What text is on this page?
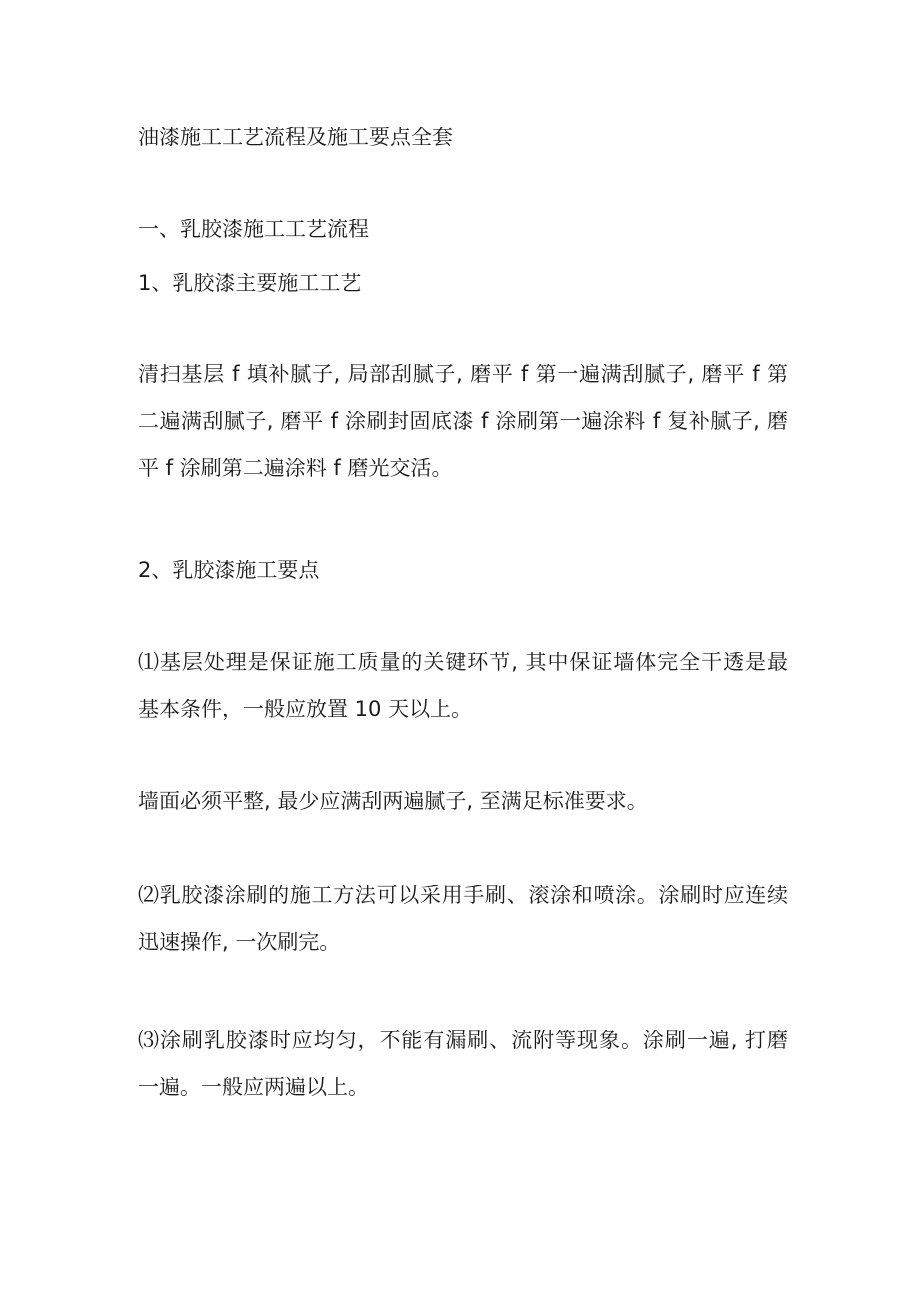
油漆施工工艺流程及施工要点全套
一、乳胶漆施工工艺流程
1、乳胶漆主要施工工艺
清扫基层 f 填补腻子, 局部刮腻子, 磨平 f 第一遍满刮腻子, 磨平 f 第
二遍满刮腻子, 磨平 f 涂刷封固底漆 f 涂刷第一遍涂料 f 复补腻子, 磨
平 f 涂刷第二遍涂料 f 磨光交活。
2、乳胶漆施工要点
⑴基层处理是保证施工质量的关键环节, 其中保证墙体完全干透是最
基本条件，一般应放置 10 天以上。
墙面必须平整, 最少应满刮两遍腻子, 至满足标准要求。
⑵乳胶漆涂刷的施工方法可以采用手刷、滚涂和喷涂。涂刷时应连续
迅速操作, 一次刷完。
⑶涂刷乳胶漆时应均匀，不能有漏刷、流附等现象。涂刷一遍, 打磨
一遍。一般应两遍以上。
